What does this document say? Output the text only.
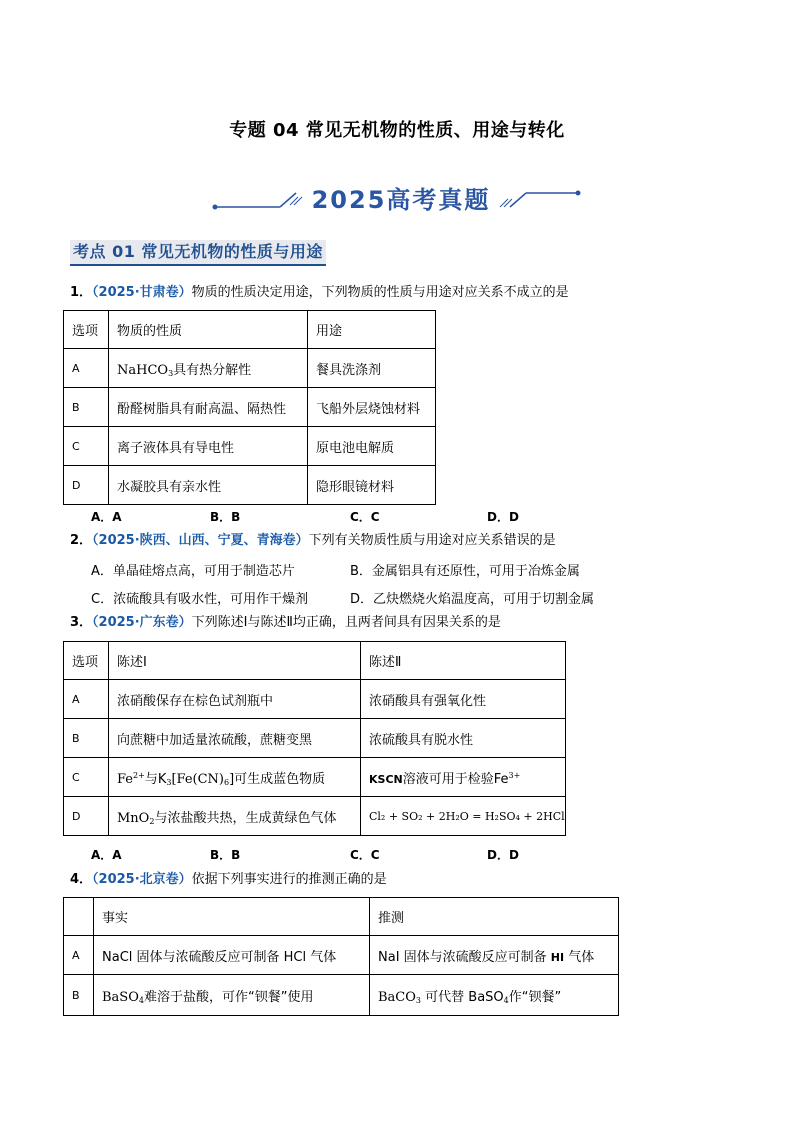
专题 04 常见无机物的性质、用途与转化
2025高考真题
考点 01 常见无机物的性质与用途
1．（2025·甘肃卷）物质的性质决定用途，下列物质的性质与用途对应关系不成立的是
选项	物质的性质	用途
A	NaHCO$_3$具有热分解性	餐具洗涤剂
B	酚醛树脂具有耐高温、隔热性	飞船外层烧蚀材料
C	离子液体具有导电性	原电池电解质
D	水凝胶具有亲水性	隐形眼镜材料
A．A	B．B	C．C	D．D
2．（2025·陕西、山西、宁夏、青海卷）下列有关物质性质与用途对应关系错误的是
A．单晶硅熔点高，可用于制造芯片	B．金属铝具有还原性，可用于冶炼金属
C．浓硫酸具有吸水性，可用作干燥剂	D．乙炔燃烧火焰温度高，可用于切割金属
3．（2025·广东卷）下列陈述Ⅰ与陈述Ⅱ均正确，且两者间具有因果关系的是
选项	陈述Ⅰ	陈述Ⅱ
A	浓硝酸保存在棕色试剂瓶中	浓硝酸具有强氧化性
B	向蔗糖中加适量浓硫酸，蔗糖变黑	浓硫酸具有脱水性
C	$Fe^{2+}$与$K_3[Fe(CN)_6]$可生成蓝色物质	KSCN溶液可用于检验$Fe^{3+}$
D	MnO$_2$与浓盐酸共热，生成黄绿色气体	Cl₂ + SO₂ + 2H₂O = H₂SO₄ + 2HCl
A．A	B．B	C．C	D．D
4．（2025·北京卷）依据下列事实进行的推测正确的是
	事实	推测
A	NaCl 固体与浓硫酸反应可制备 HCl 气体	NaI 固体与浓硫酸反应可制备 HI 气体
B	BaSO$_4$难溶于盐酸，可作“钡餐”使用	BaCO$_3$ 可代替 BaSO$_4$作“钡餐”
